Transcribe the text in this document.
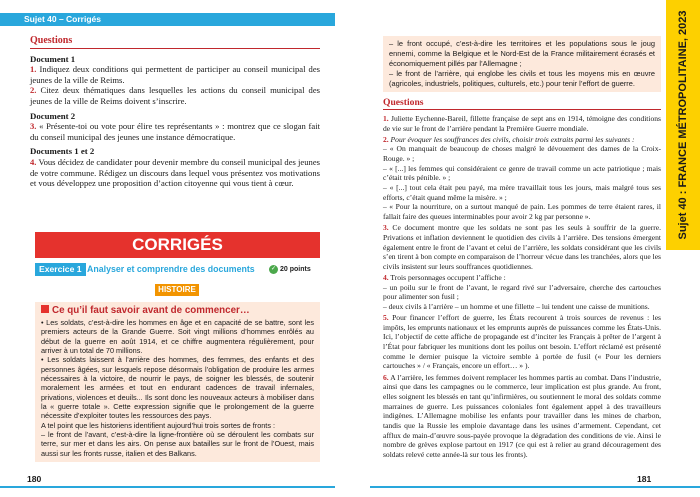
Sujet 40 – Corrigés
Questions
Document 1

1. Indiquez deux conditions qui permettent de participer au conseil municipal des jeunes de la ville de Reims.

2. Citez deux thématiques dans lesquelles les actions du conseil municipal des jeunes de la ville de Reims doivent s’inscrire.

Document 2

3. « Présente-toi ou vote pour élire tes représentants » : montrez que ce slogan fait du conseil municipal des jeunes une instance démocratique.

Documents 1 et 2

4. Vous décidez de candidater pour devenir membre du conseil municipal des jeunes de votre commune. Rédigez un discours dans lequel vous présentez vos motivations et vous développez une proposition d’action citoyenne qui vous tient à cœur.

CORRIGÉS
Exercice 1 Analyser et comprendre des documents	✓ 20 points
HISTOIRE
Ce qu’il faut savoir avant de commencer…

• Les soldats, c’est-à-dire les hommes en âge et en capacité de se battre, sont les premiers acteurs de la Grande Guerre. Soit vingt millions d’hommes enrôlés au début de la guerre en août 1914, et ce chiffre augmentera régulièrement, pour arriver à un total de 70 millions.

• Les soldats laissent à l’arrière des hommes, des femmes, des enfants et des personnes âgées, sur lesquels repose désormais l’obligation de produire les armes nécessaires à la victoire, de nourrir le pays, de soigner les blessés, de soutenir moralement les armées et tout en endurant cadences de travail infernales, privations, violences et deuils... Ils sont donc les nouveaux acteurs à mobiliser dans la « guerre totale ». Cette expression signifie que le prolongement de la guerre nécessite d’exploiter toutes les ressources des pays.

A tel point que les historiens identifient aujourd’hui trois sortes de fronts :

– le front de l’avant, c’est-à-dire la ligne-frontière où se déroulent les combats sur terre, sur mer et dans les airs. On pense aux batailles sur le front de l’Ouest, mais aussi sur les fronts russe, italien et des Balkans.

180

– le front occupé, c’est-à-dire les territoires et les populations sous le joug ennemi, comme la Belgique et le Nord-Est de la France militairement écrasés et économiquement pillés par l’Allemagne ;

– le front de l’arrière, qui englobe les civils et tous les moyens mis en œuvre (agricoles, industriels, politiques, culturels, etc.) pour tenir l’effort de guerre.

Questions

1. Juliette Eychenne-Bareil, fillette française de sept ans en 1914, témoigne des conditions de vie sur le front de l’arrière pendant la Première Guerre mondiale.

2. Pour évoquer les souffrances des civils, choisir trois extraits parmi les suivants :
– « On manquait de beaucoup de choses malgré le dévouement des dames de la Croix-Rouge. » ;
– « [...] les femmes qui considéraient ce genre de travail comme un acte patriotique ; mais c’était très pénible. » ;
– « [...] tout cela était peu payé, ma mère travaillait tous les jours, mais malgré tous ses efforts, c’était quand même la misère. » ;
– « Pour la nourriture, on a surtout manqué de pain. Les pommes de terre étaient rares, il fallait faire des queues interminables pour avoir 2 kg par personne ».

3. Ce document montre que les soldats ne sont pas les seuls à souffrir de la guerre. Privations et inflation deviennent le quotidien des civils à l’arrière. Des tensions émergent également entre le front de l’avant et celui de l’arrière, les soldats considérant que les civils s’en tirent à bon compte en comparaison de l’horreur vécue dans les tranchées, alors que les civils insistent sur leurs souffrances quotidiennes.

4. Trois personnages occupent l’affiche :
– un poilu sur le front de l’avant, le regard rivé sur l’adversaire, cherche des cartouches pour alimenter son fusil ;
– deux civils à l’arrière – un homme et une fillette – lui tendent une caisse de munitions.

5. Pour financer l’effort de guerre, les États recourent à trois sources de revenus : les impôts, les emprunts nationaux et les emprunts auprès de puissances comme les États-Unis. Ici, l’objectif de cette affiche de propagande est d’inciter les Français à prêter de l’argent à l’État pour fabriquer les munitions dont les poilus ont besoin. L’effort réclamé est présenté comme le dernier puisque la victoire semble à portée de fusil (« Pour les derniers cartouches » / « Français, encore un effort… » ).

6. A l’arrière, les femmes doivent remplacer les hommes partis au combat. Dans l’industrie, ainsi que dans les campagnes ou le commerce, leur implication est plus grande. Au front, elles soignent les blessés en tant qu’infirmières, ou soutiennent le moral des soldats comme marraines de guerre. Les puissances coloniales font également appel à des travailleurs indigènes. L’Allemagne mobilise les enfants pour travailler dans les mines de charbon, tandis que la Russie les emploie davantage dans les usines d’armement. Cependant, cet afflux de main-d’œuvre sous-payée provoque la dégradation des conditions de vie. Ainsi le nombre de grèves explose partout en 1917 (ce qui est à relier au grand découragement des soldats relevé cette année-là sur tous les fronts).

Sujet 40 : FRANCE MÉTROPOLITAINE, 2023
181
